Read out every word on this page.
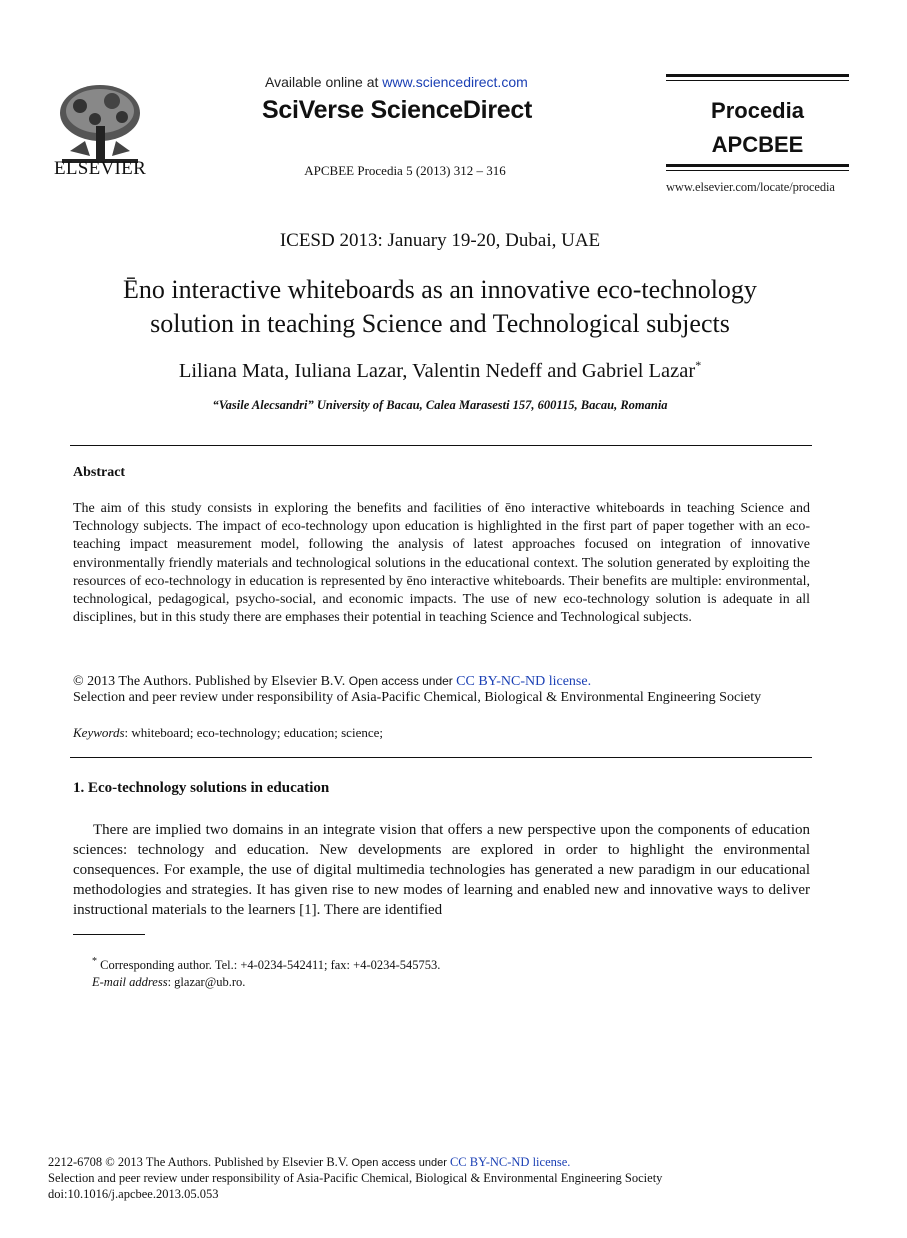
ELSEVIER
Available online at www.sciencedirect.com
SciVerse ScienceDirect
APCBEE Procedia 5 (2013) 312 – 316
Procedia
APCBEE
www.elsevier.com/locate/procedia
ICESD 2013: January 19-20, Dubai, UAE
Ēno interactive whiteboards as an innovative eco-technology
solution in teaching Science and Technological subjects
Liliana Mata, Iuliana Lazar, Valentin Nedeff and Gabriel Lazar*
“Vasile Alecsandri” University of Bacau, Calea Marasesti 157, 600115, Bacau, Romania
Abstract
The aim of this study consists in exploring the benefits and facilities of ēno interactive whiteboards in teaching Science and Technology subjects. The impact of eco-technology upon education is highlighted in the first part of paper together with an eco-teaching impact measurement model, following the analysis of latest approaches focused on integration of innovative environmentally friendly materials and technological solutions in the educational context. The solution generated by exploiting the resources of eco-technology in education is represented by ēno interactive whiteboards. Their benefits are multiple: environmental, technological, pedagogical, psycho-social, and economic impacts. The use of new eco-technology solution is adequate in all disciplines, but in this study there are emphases their potential in teaching Science and Technological subjects.
© 2013 The Authors. Published by Elsevier B.V. Open access under CC BY-NC-ND license.
Selection and peer review under responsibility of Asia-Pacific Chemical, Biological & Environmental Engineering Society
Keywords: whiteboard; eco-technology; education; science;
1. Eco-technology solutions in education
There are implied two domains in an integrate vision that offers a new perspective upon the components of education sciences: technology and education. New developments are explored in order to highlight the environmental consequences. For example, the use of digital multimedia technologies has generated a new paradigm in our educational methodologies and strategies. It has given rise to new modes of learning and enabled new and innovative ways to deliver instructional materials to the learners [1]. There are identified
* Corresponding author. Tel.: +4-0234-542411; fax: +4-0234-545753.
E-mail address: glazar@ub.ro.
2212-6708 © 2013 The Authors. Published by Elsevier B.V. Open access under CC BY-NC-ND license.
Selection and peer review under responsibility of Asia-Pacific Chemical, Biological & Environmental Engineering Society
doi:10.1016/j.apcbee.2013.05.053
